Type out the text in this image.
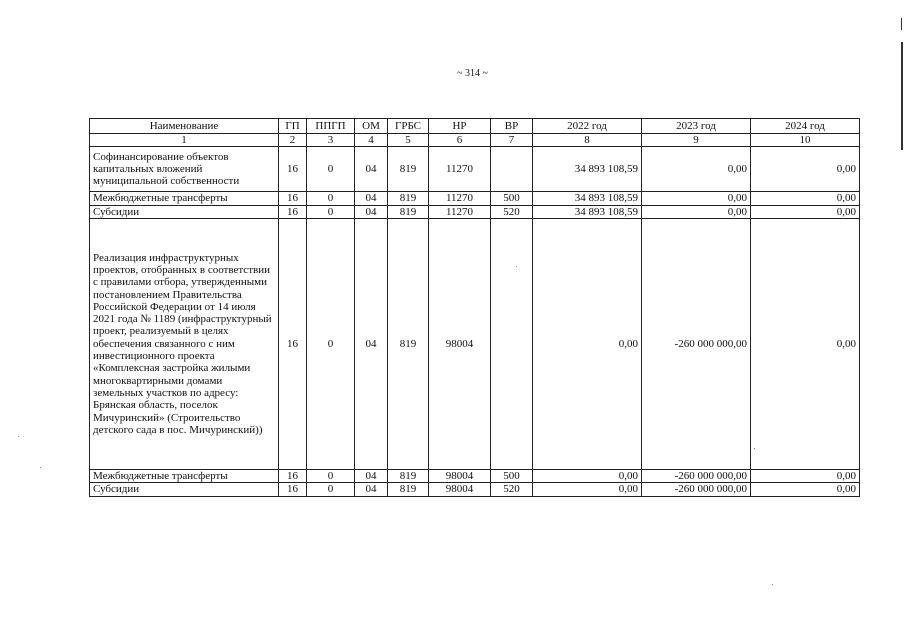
~ 314 ~
Наименование	ГП	ППГП	ОМ	ГРБС	НР	ВР	2022 год	2023 год	2024 год
1	2	3	4	5	6	7	8	9	10
Софинансирование объектов капитальных вложений муниципальной собственности	16	0	04	819	11270		34 893 108,59	0,00	0,00
Межбюджетные трансферты	16	0	04	819	11270	500	34 893 108,59	0,00	0,00
Субсидии	16	0	04	819	11270	520	34 893 108,59	0,00	0,00
Реализация инфраструктурных проектов, отобранных в соответствии с правилами отбора, утвержденными постановлением Правительства Российской Федерации от 14 июля 2021 года № 1189 (инфраструктурный проект, реализуемый в целях обеспечения связанного с ним инвестиционного проекта «Комплексная застройка жилыми многоквартирными домами земельных участков по адресу: Брянская область, поселок Мичуринский» (Строительство детского сада в пос. Мичуринский))	16	0	04	819	98004		0,00	-260 000 000,00	0,00
Межбюджетные трансферты	16	0	04	819	98004	500	0,00	-260 000 000,00	0,00
Субсидии	16	0	04	819	98004	520	0,00	-260 000 000,00	0,00
